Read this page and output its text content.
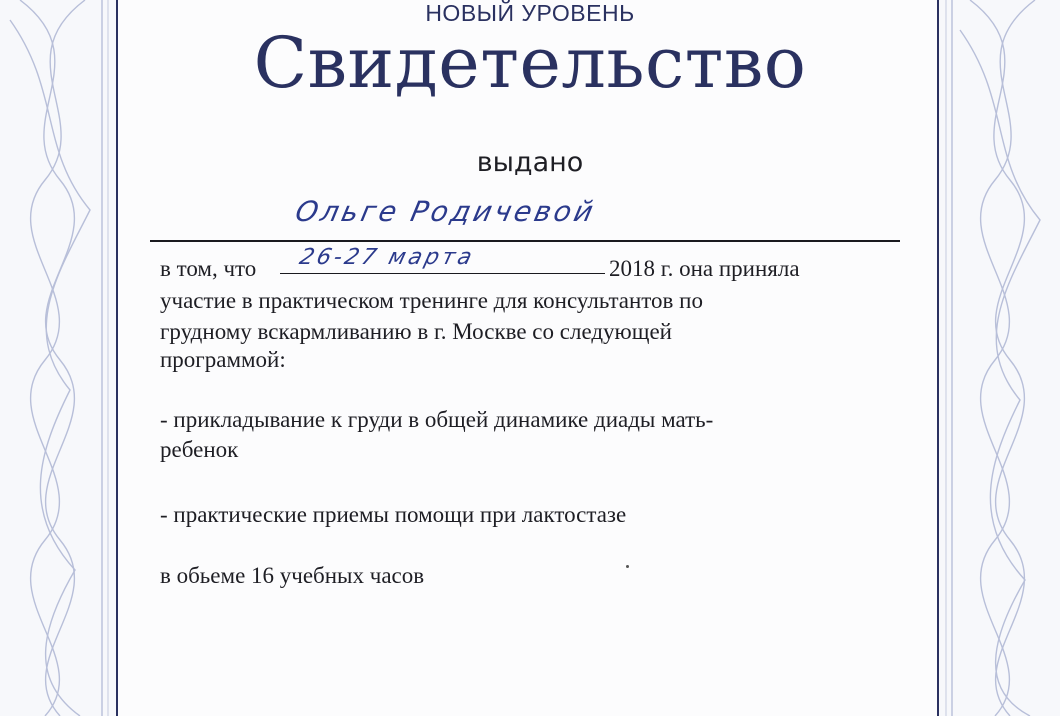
НОВЫЙ УРОВЕНЬ
Свидетельство
выдано
Ольге Родичевой
в том, что 26-27 марта	2018 г. она приняла
участие в практическом тренинге для консультантов по
грудному вскармливанию в г. Москве со следующей
программой:
- прикладывание к груди в общей динамике диады мать-
ребенок
- практические приемы помощи при лактостазе
в обьеме 16 учебных часов
